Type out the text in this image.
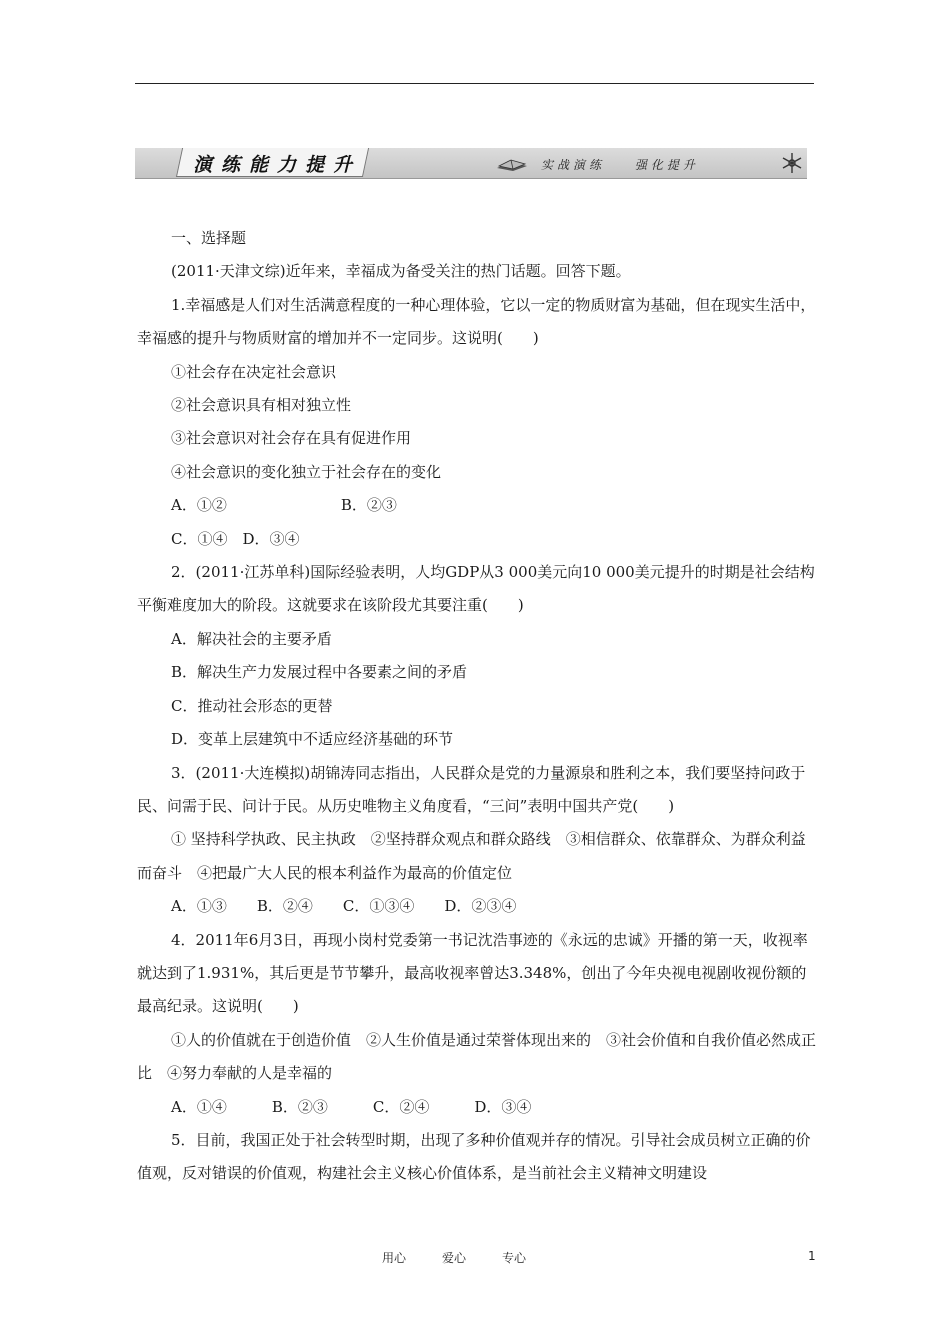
演练能力提升	实战演练 强化提升

一、选择题

(2011·天津文综)近年来，幸福成为备受关注的热门话题。回答下题。

1.幸福感是人们对生活满意程度的一种心理体验，它以一定的物质财富为基础，但在现实生活中，幸福感的提升与物质财富的增加并不一定同步。这说明(　　)

①社会存在决定社会意识

②社会意识具有相对独立性

③社会意识对社会存在具有促进作用

④社会意识的变化独立于社会存在的变化

A．①②	B．②③

C．①④　D．③④

2．(2011·江苏单科)国际经验表明，人均GDP从3 000美元向10 000美元提升的时期是社会结构平衡难度加大的阶段。这就要求在该阶段尤其要注重(　　)

A．解决社会的主要矛盾

B．解决生产力发展过程中各要素之间的矛盾

C．推动社会形态的更替

D．变革上层建筑中不适应经济基础的环节

3．(2011·大连模拟)胡锦涛同志指出，人民群众是党的力量源泉和胜利之本，我们要坚持问政于民、问需于民、问计于民。从历史唯物主义角度看，“三问”表明中国共产党(　　)

① 坚持科学执政、民主执政　②坚持群众观点和群众路线　③相信群众、依靠群众、为群众利益而奋斗　④把最广大人民的根本利益作为最高的价值定位

A．①③　　B．②④　　C．①③④　　D．②③④

4．2011年6月3日，再现小岗村党委第一书记沈浩事迹的《永远的忠诚》开播的第一天，收视率就达到了1.931%，其后更是节节攀升，最高收视率曾达3.348%，创出了今年央视电视剧收视份额的最高纪录。这说明(　　)

①人的价值就在于创造价值　②人生价值是通过荣誉体现出来的　③社会价值和自我价值必然成正比　④努力奉献的人是幸福的

A．①④　　　B．②③　　　C．②④　　　D．③④

5．目前，我国正处于社会转型时期，出现了多种价值观并存的情况。引导社会成员树立正确的价值观，反对错误的价值观，构建社会主义核心价值体系，是当前社会主义精神文明建设

用心　　　爱心　　　专心	1
